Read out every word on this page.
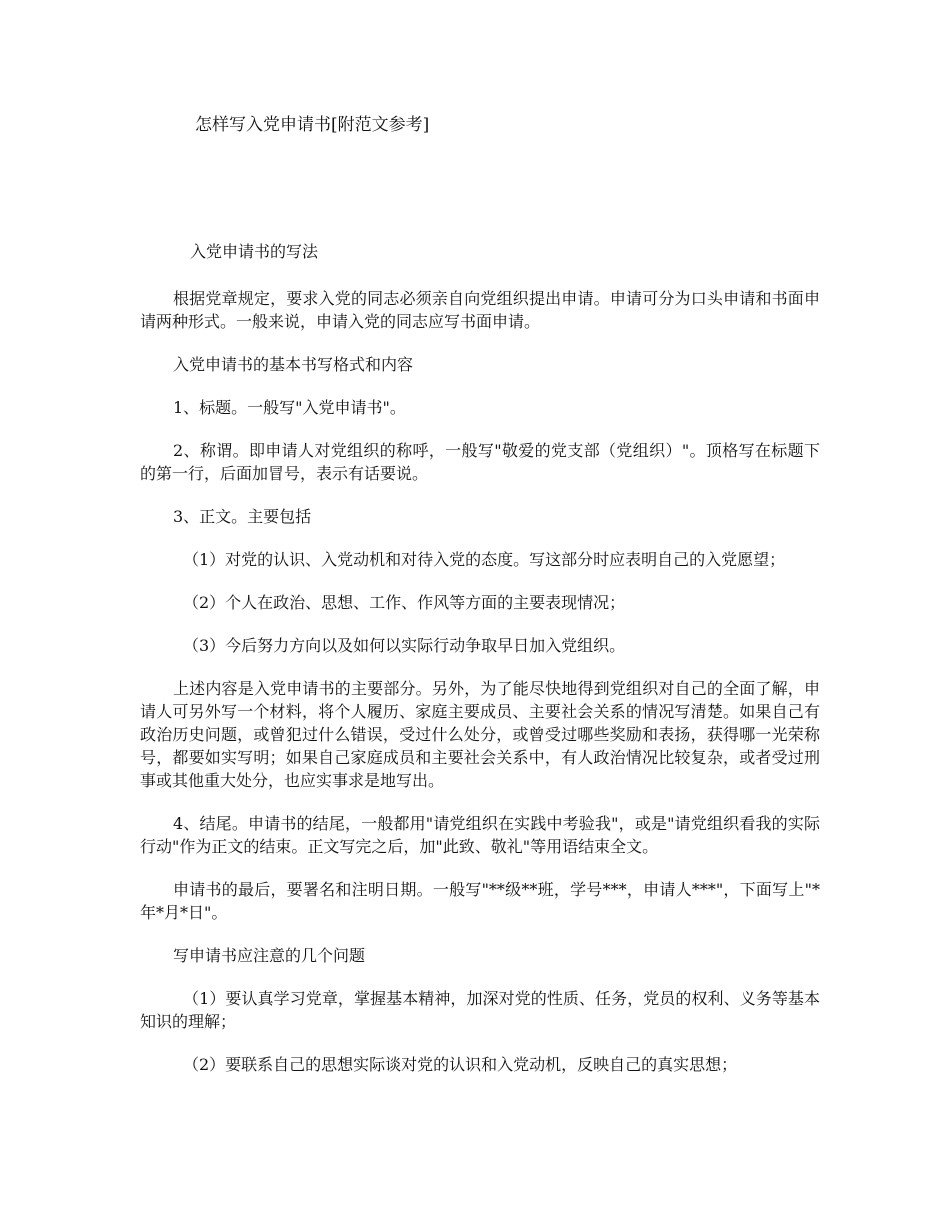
怎样写入党申请书[附范文参考]

入党申请书的写法

根据党章规定，要求入党的同志必须亲自向党组织提出申请。申请可分为口头申请和书面申请两种形式。一般来说，申请入党的同志应写书面申请。

入党申请书的基本书写格式和内容

1、标题。一般写"入党申请书"。

2、称谓。即申请人对党组织的称呼，一般写"敬爱的党支部（党组织）"。顶格写在标题下的第一行，后面加冒号，表示有话要说。

3、正文。主要包括

（1）对党的认识、入党动机和对待入党的态度。写这部分时应表明自己的入党愿望；

（2）个人在政治、思想、工作、作风等方面的主要表现情况；

（3）今后努力方向以及如何以实际行动争取早日加入党组织。

上述内容是入党申请书的主要部分。另外，为了能尽快地得到党组织对自己的全面了解，申请人可另外写一个材料，将个人履历、家庭主要成员、主要社会关系的情况写清楚。如果自己有政治历史问题，或曾犯过什么错误，受过什么处分，或曾受过哪些奖励和表扬，获得哪一光荣称号，都要如实写明；如果自己家庭成员和主要社会关系中，有人政治情况比较复杂，或者受过刑事或其他重大处分，也应实事求是地写出。

4、结尾。申请书的结尾，一般都用"请党组织在实践中考验我"，或是"请党组织看我的实际行动"作为正文的结束。正文写完之后，加"此致、敬礼"等用语结束全文。

申请书的最后，要署名和注明日期。一般写"**级**班，学号***，申请人***"，下面写上"*年*月*日"。

写申请书应注意的几个问题

（1）要认真学习党章，掌握基本精神，加深对党的性质、任务，党员的权利、义务等基本知识的理解；

（2）要联系自己的思想实际谈对党的认识和入党动机，反映自己的真实思想；
